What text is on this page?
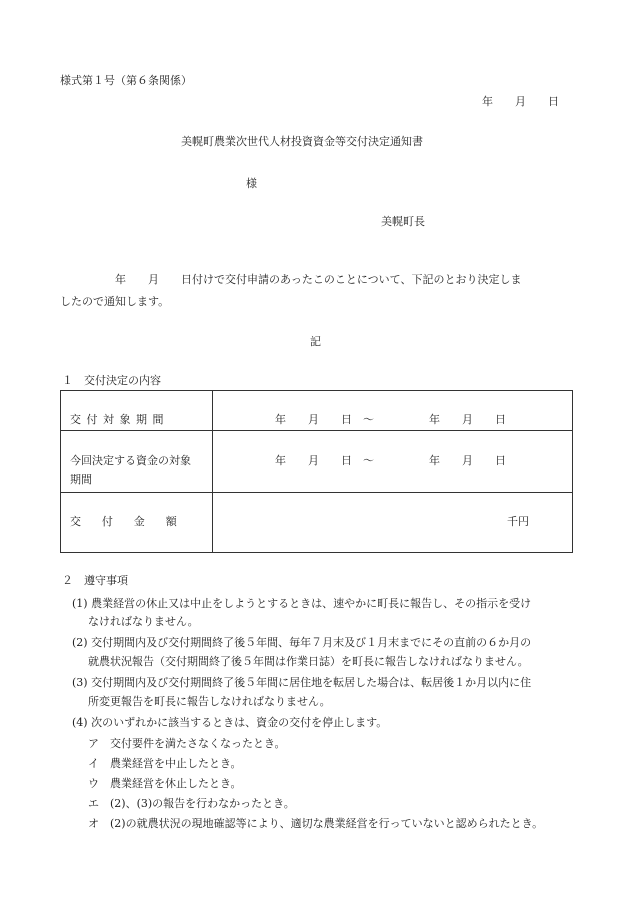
様式第１号（第６条関係）
年　　月　　日
美幌町農業次世代人材投資資金等交付決定通知書
様
美幌町長
年　　月　　日付けで交付申請のあったこのことについて、下記のとおり決定しま
したので通知します。
記
１　交付決定の内容
交付対象期間	年　　月　　日　～　　　　　年　　月　　日
今回決定する資金の対象
期間
年　　月　　日　～　　　　　年　　月　　日
交付金額	千円
２　遵守事項
(1) 農業経営の休止又は中止をしようとするときは、速やかに町長に報告し、その指示を受け
なければなりません。
(2) 交付期間内及び交付期間終了後５年間、毎年７月末及び１月末までにその直前の６か月の
就農状況報告（交付期間終了後５年間は作業日誌）を町長に報告しなければなりません。
(3) 交付期間内及び交付期間終了後５年間に居住地を転居した場合は、転居後１か月以内に住
所変更報告を町長に報告しなければなりません。
(4) 次のいずれかに該当するときは、資金の交付を停止します。
ア　交付要件を満たさなくなったとき。
イ　農業経営を中止したとき。
ウ　農業経営を休止したとき。
エ　(2)、(3)の報告を行わなかったとき。
オ　(2)の就農状況の現地確認等により、適切な農業経営を行っていないと認められたとき。
